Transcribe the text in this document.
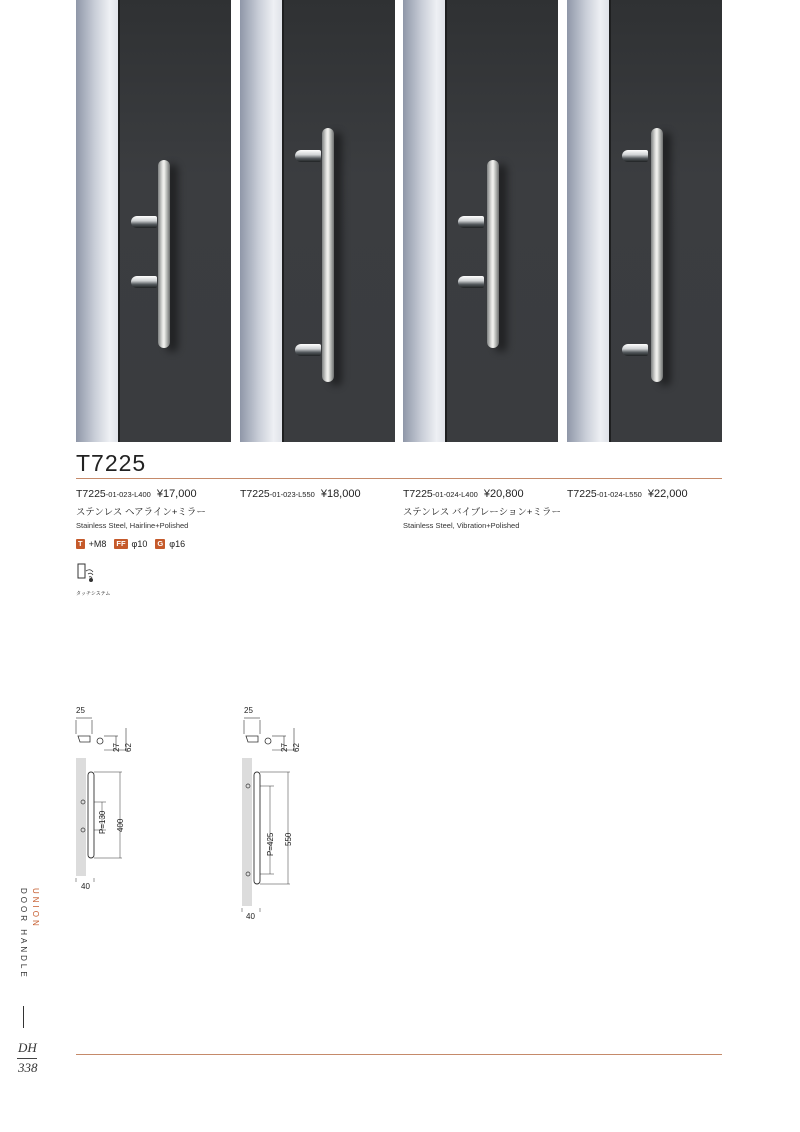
T7225
T7225-01-023-L400 ¥17,000
ステンレス ヘアライン+ミラー
Stainless Steel, Hairline+Polished
T7225-01-023-L550 ¥18,000	T7225-01-024-L400 ¥20,800
ステンレス バイブレーション+ミラー
Stainless Steel, Vibration+Polished
T7225-01-024-L550 ¥22,000
T +M8 FF φ10 G φ16
タッチシステム
25
27 62
P=130 400
40
25
27 62
P=425 550
40
UNION
DOOR HANDLE
DH
338
